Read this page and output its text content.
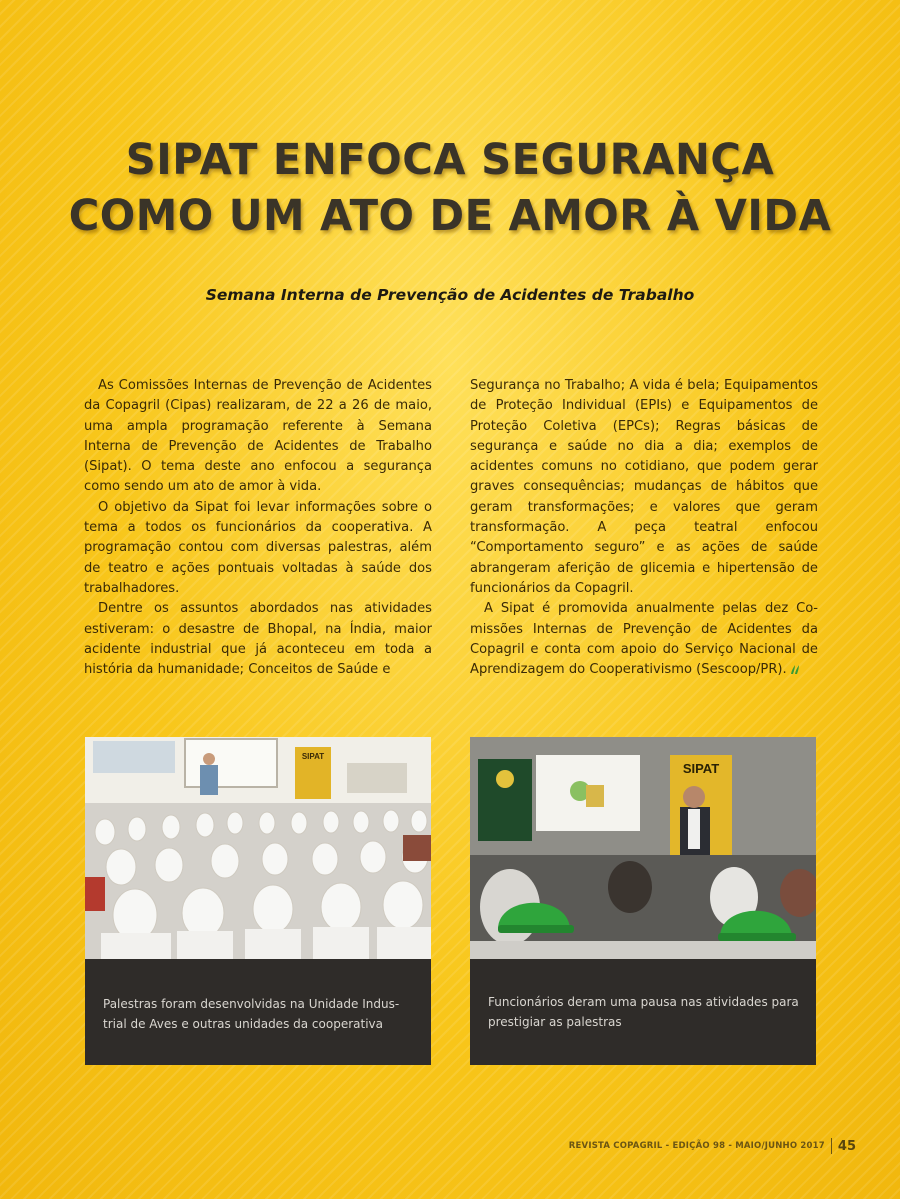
SIPAT ENFOCA SEGURANÇA
COMO UM ATO DE AMOR À VIDA
Semana Interna de Prevenção de Acidentes de Trabalho

As Comissões Internas de Prevenção de Acidentes da Copagril (Cipas) realizaram, de 22 a 26 de maio, uma ampla programação referente à Semana Interna de Prevenção de Acidentes de Trabalho (Sipat). O tema deste ano enfocou a segurança como sendo um ato de amor à vida.

O objetivo da Sipat foi levar informações sobre o tema a todos os funcionários da cooperativa. A programação contou com diversas palestras, além de teatro e ações pontuais voltadas à saúde dos trabalhadores.

Dentre os assuntos abordados nas atividades estiveram: o desastre de Bhopal, na Índia, maior acidente industrial que já aconteceu em toda a história da humanidade; Conceitos de Saúde e

Segurança no Trabalho; A vida é bela; Equipamentos de Proteção Individual (EPIs) e Equipamentos de Proteção Coletiva (EPCs); Regras básicas de segurança e saúde no dia a dia; exemplos de acidentes comuns no cotidiano, que podem gerar graves consequências; mudanças de hábitos que geram transformações; e valores que geram transformação. A peça teatral enfocou “Comportamento seguro” e as ações de saúde abrangeram aferição de glicemia e hipertensão de funcionários da Copagril.

A Sipat é promovida anualmente pelas dez Comissões Internas de Prevenção de Acidentes da Copagril e conta com apoio do Serviço Nacional de Aprendizagem do Cooperativismo (Sescoop/PR).

SIPAT
Palestras foram desenvolvidas na Unidade Industrial de Aves e outras unidades da cooperativa
SIPAT
Funcionários deram uma pausa nas atividades para prestigiar as palestras
REVISTA COPAGRIL - EDIÇÃO 98 - MAIO/JUNHO 2017 45
